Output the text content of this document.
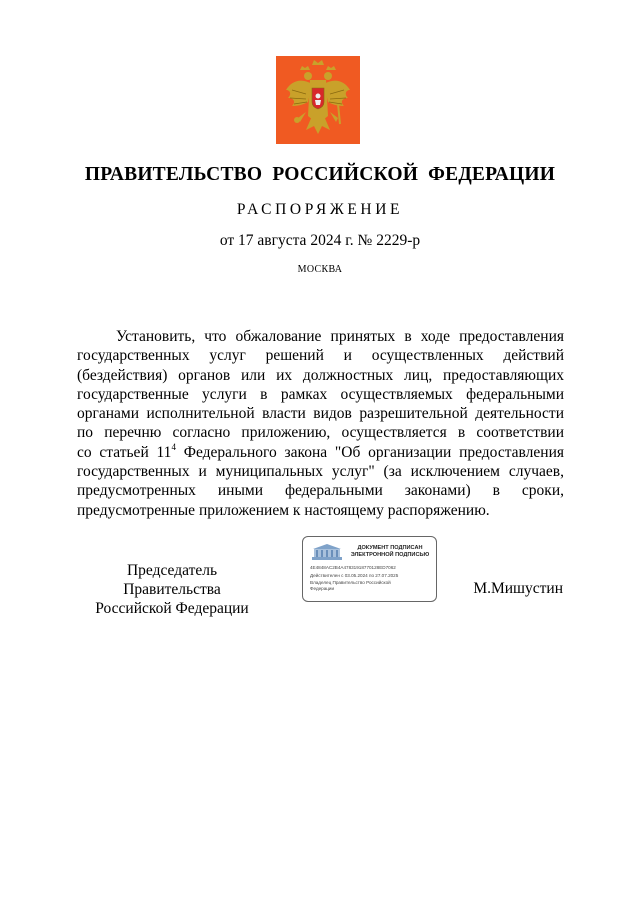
ПРАВИТЕЛЬСТВО РОССИЙСКОЙ ФЕДЕРАЦИИ
РАСПОРЯЖЕНИЕ
от 17 августа 2024 г. № 2229-р
МОСКВА
Установить, что обжалование принятых в ходе предоставления
государственных услуг решений и осуществленных действий
(бездействия) органов или их должностных лиц, предоставляющих
государственные услуги в рамках осуществляемых федеральными
органами исполнительной власти видов разрешительной деятельности
по перечню согласно приложению, осуществляется в соответствии
со статьей $11^4$ Федерального закона "Об организации предоставления
государственных и муниципальных услуг" (за исключением случаев,
предусмотренных иными федеральными законами) в сроки,
предусмотренные приложением к настоящему распоряжению.
Председатель Правительства
Российской Федерации
ДОКУМЕНТ ПОДПИСАН
ЭЛЕКТРОННОЙ ПОДПИСЬЮ
4E4848AC2B4A47831918770128ED7062
Действителен с 03.05.2024 по 27.07.2025
Владелец Правительство Российской
Федерации	М.Мишустин
